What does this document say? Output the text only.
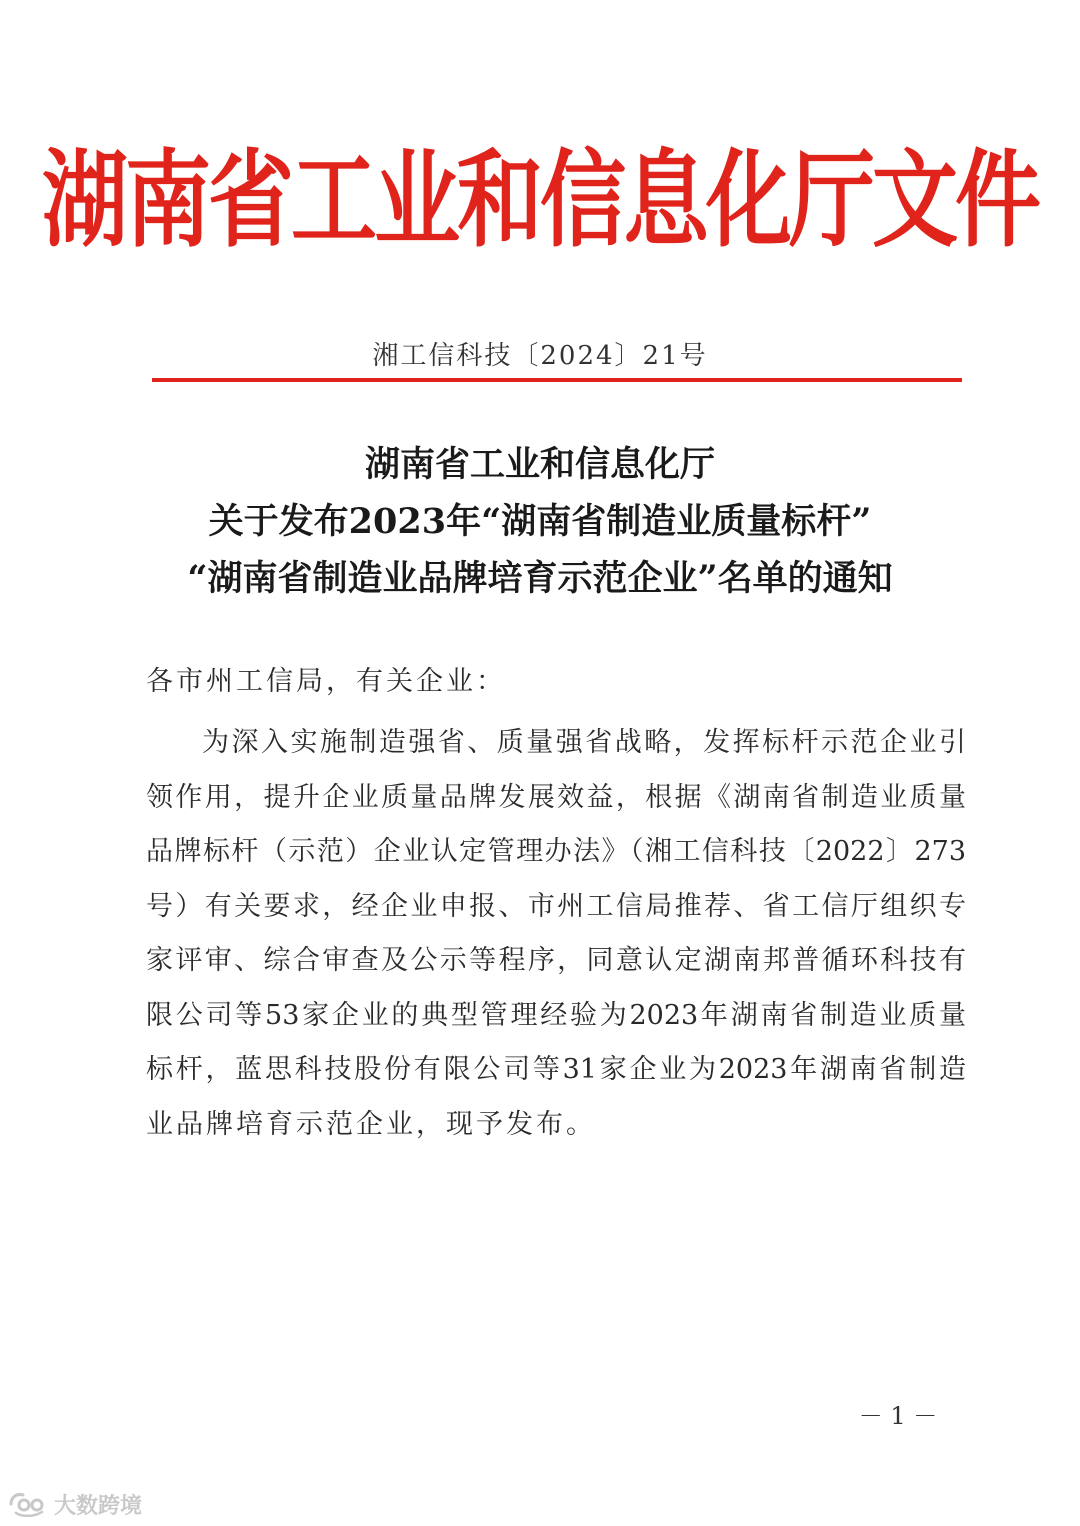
湖南省工业和信息化厅文件
湘工信科技〔2024〕21号
湖南省工业和信息化厅
关于发布2023年“湖南省制造业质量标杆”
“湖南省制造业品牌培育示范企业”名单的通知
各市州工信局，有关企业：
为深入实施制造强省、质量强省战略，发挥标杆示范企业引
领作用，提升企业质量品牌发展效益，根据《湖南省制造业质量
品牌标杆（示范）企业认定管理办法》（湘工信科技〔2022〕273
号）有关要求，经企业申报、市州工信局推荐、省工信厅组织专
家评审、综合审查及公示等程序，同意认定湖南邦普循环科技有
限公司等53家企业的典型管理经验为2023年湖南省制造业质量
标杆，蓝思科技股份有限公司等31家企业为2023年湖南省制造
业品牌培育示范企业，现予发布。
－ 1 －
大数跨境
